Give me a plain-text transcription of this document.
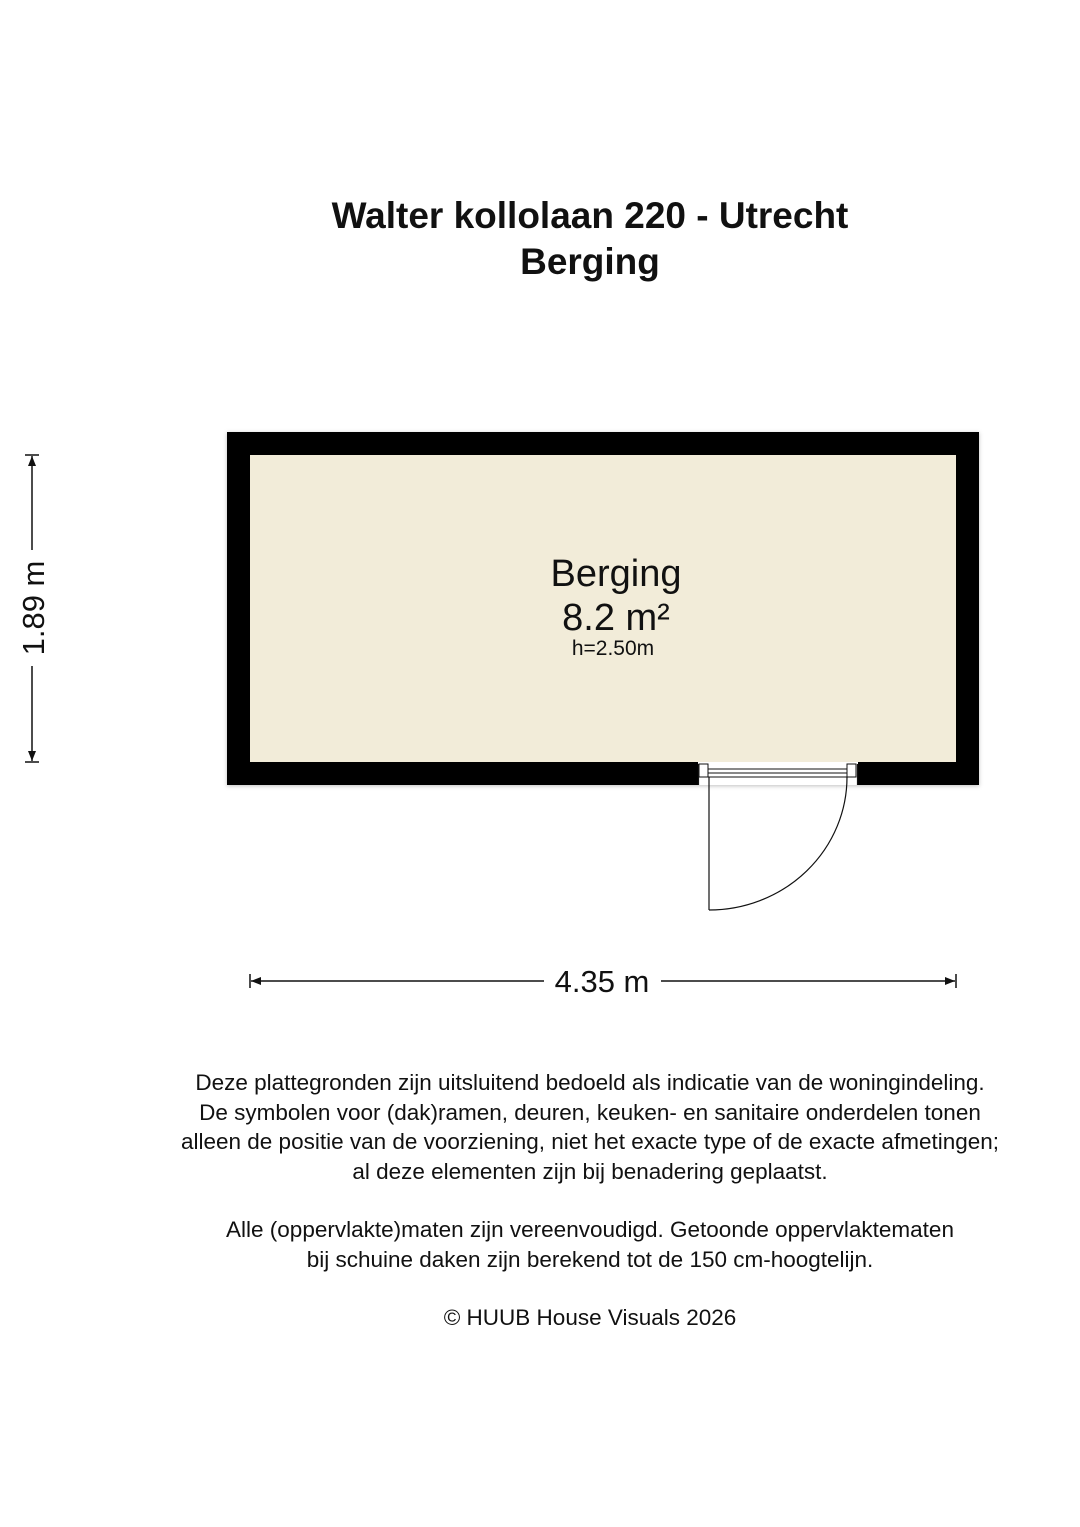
Walter kollolaan 220 - Utrecht
Berging
Berging
8.2 m²
h=2.50m
1.89 m
4.35 m
Deze plattegronden zijn uitsluitend bedoeld als indicatie van de woningindeling.
De symbolen voor (dak)ramen, deuren, keuken- en sanitaire onderdelen tonen
alleen de positie van de voorziening, niet het exacte type of de exacte afmetingen;
al deze elementen zijn bij benadering geplaatst.
Alle (oppervlakte)maten zijn vereenvoudigd. Getoonde oppervlaktematen
bij schuine daken zijn berekend tot de 150 cm-hoogtelijn.
© HUUB House Visuals 2026
